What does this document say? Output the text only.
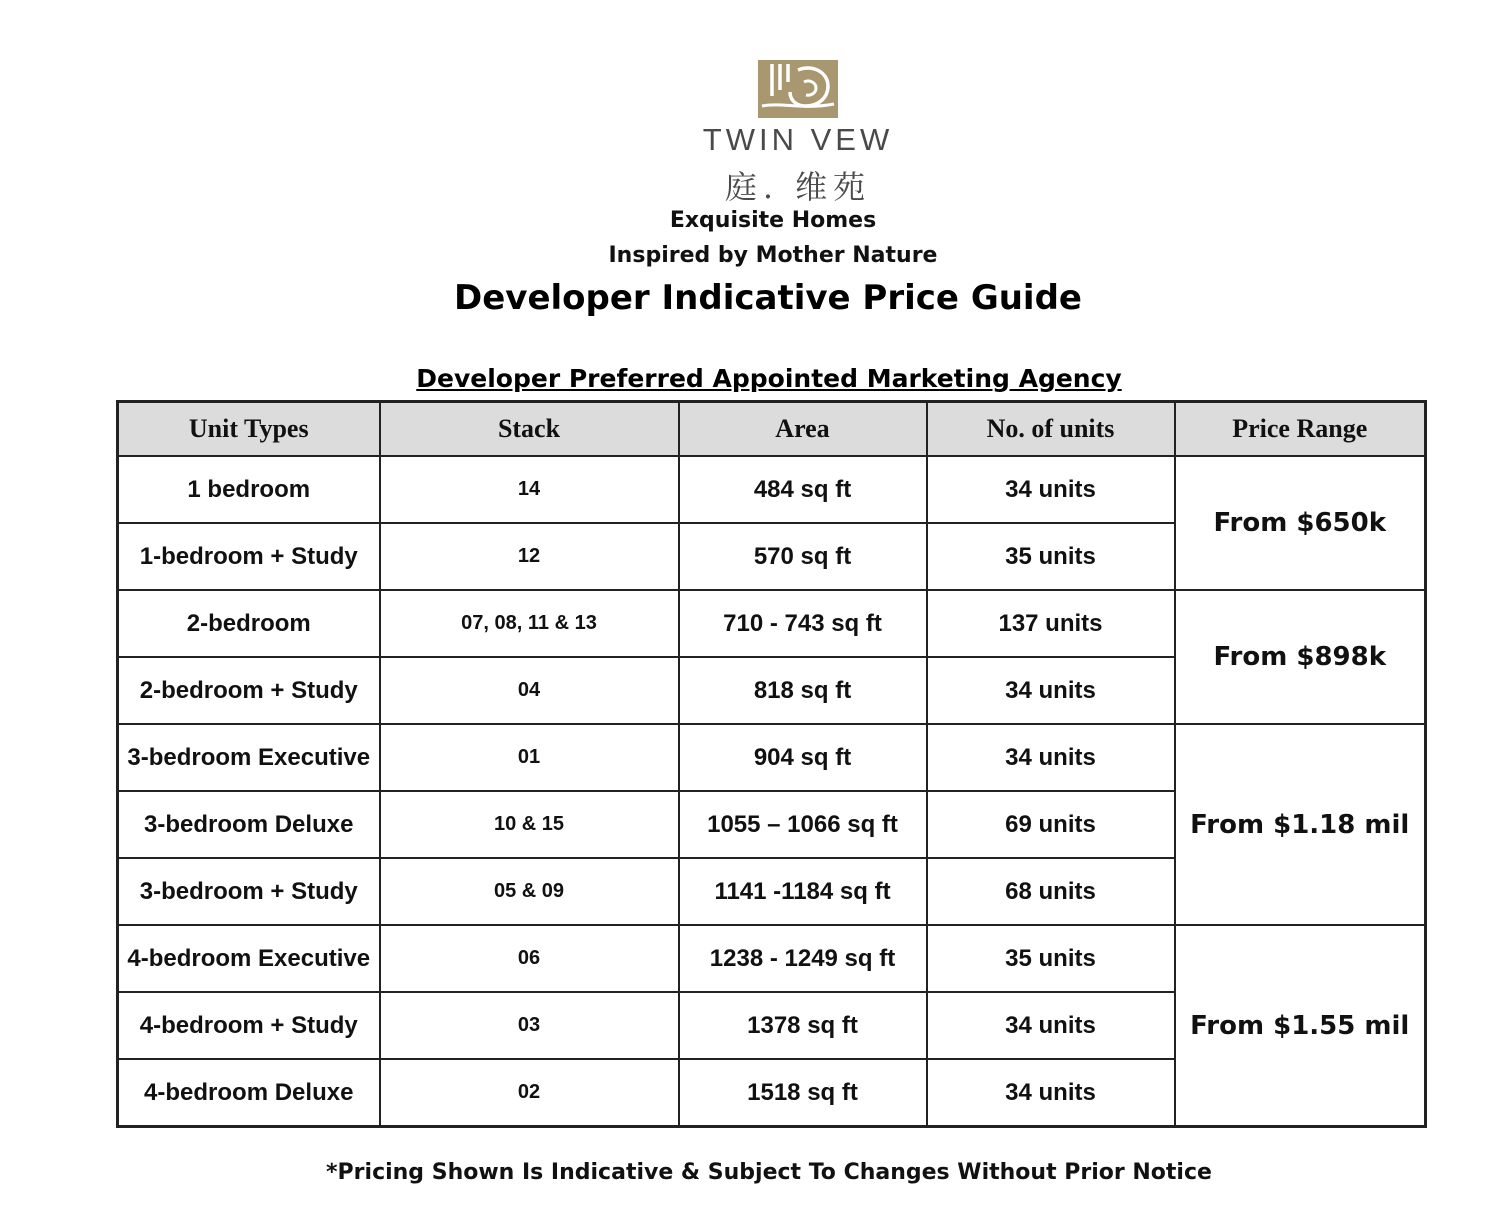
TWIN VEW
庭. 维苑
Exquisite Homes
Inspired by Mother Nature
Developer Indicative Price Guide
Developer Preferred Appointed Marketing Agency
Unit Types	Stack	Area	No. of units	Price Range
1 bedroom	14	484 sq ft	34 units	From $650k
1-bedroom + Study	12	570 sq ft	35 units	
2-bedroom	07, 08, 11 & 13	710 - 743 sq ft	137 units	From $898k
2-bedroom + Study	04	818 sq ft	34 units	
3-bedroom Executive	01	904 sq ft	34 units	From $1.18 mil
3-bedroom Deluxe	10 & 15	1055 – 1066 sq ft	69 units	
3-bedroom + Study	05 & 09	1141 -1184 sq ft	68 units	
4-bedroom Executive	06	1238 - 1249 sq ft	35 units	From $1.55 mil
4-bedroom + Study	03	1378 sq ft	34 units	
4-bedroom Deluxe	02	1518 sq ft	34 units	
*Pricing Shown Is Indicative & Subject To Changes Without Prior Notice
